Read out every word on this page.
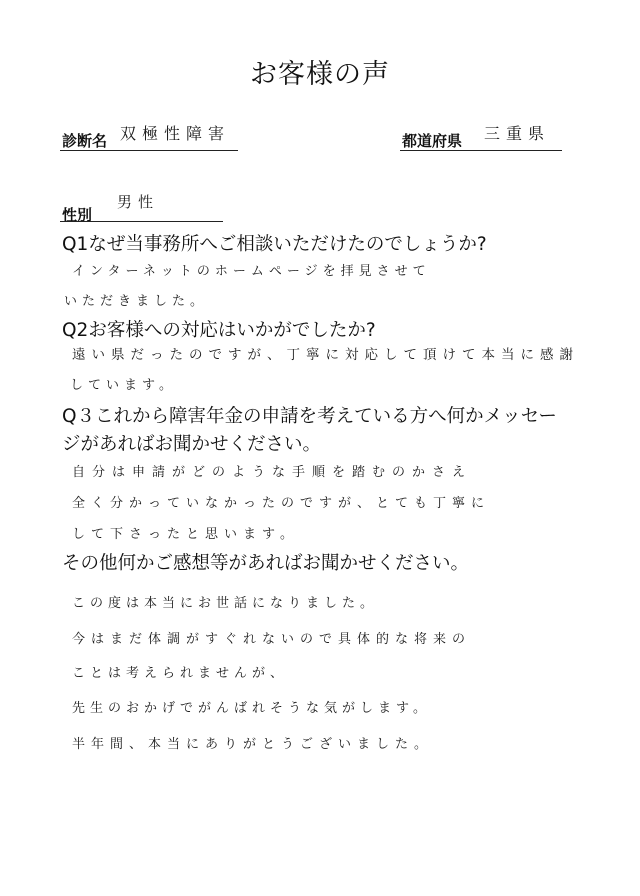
お客様の声
診断名 双極性障害	都道府県 三重県
性別
男性
Q1なぜ当事務所へご相談いただけたのでしょうか?
インターネットのホームページを拝見させて
いただきました。
Q2お客様への対応はいかがでしたか?
遠い県だったのですが、丁寧に対応して頂けて本当に感謝
しています。
Q３これから障害年金の申請を考えている方へ何かメッセー
ジがあればお聞かせください。
自分は申請がどのような手順を踏むのかさえ
全く分かっていなかったのですが、とても丁寧に
して下さったと思います。
その他何かご感想等があればお聞かせください。
この度は本当にお世話になりました。
今はまだ体調がすぐれないので具体的な将来の
ことは考えられませんが、
先生のおかげでがんばれそうな気がします。
半年間、本当にありがとうございました。
